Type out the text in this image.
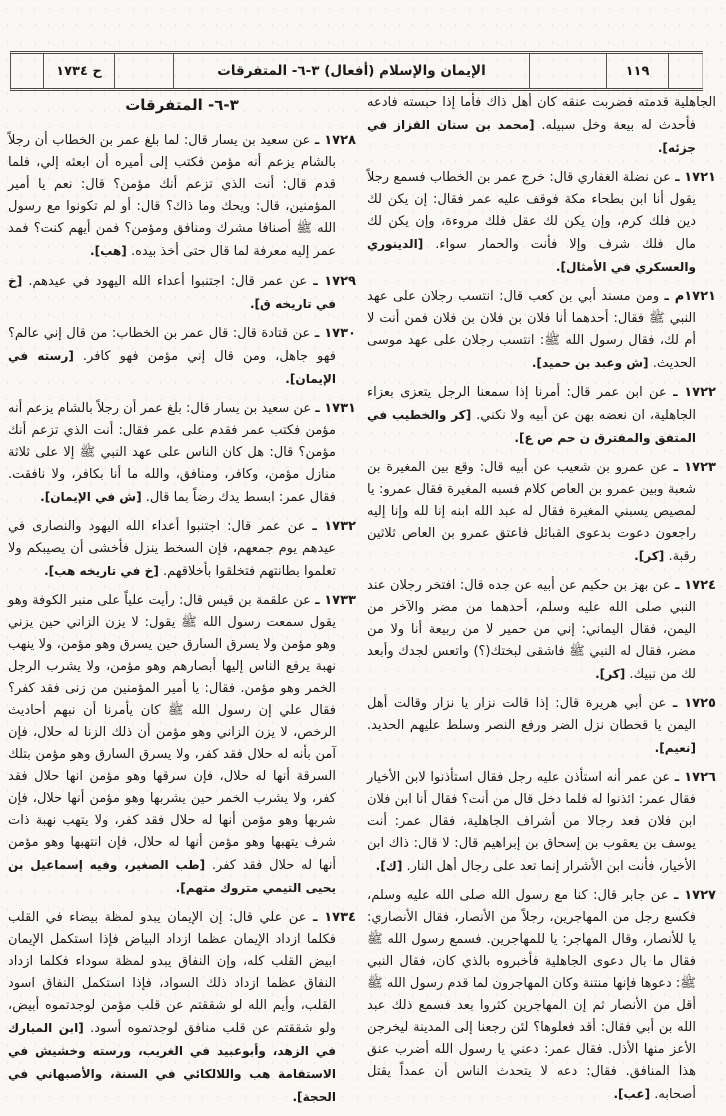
ح ١٧٣٤	الإيمان والإسلام (أفعال) ٣-٦- المتفرقات	١١٩

الجاهلية قدمته فضربت عنقه كان أهل ذاك فأما إذا حبسته فادعه فأحدث له بيعة وخل سبيله. [محمد بن سنان القزاز في جزئه].

١٧٢١ ـ عن نضلة الغفاري قال: خرج عمر بن الخطاب فسمع رجلاً يقول أنا ابن بطحاء مكة فوقف عليه عمر فقال: إن يكن لك دين فلك كرم، وإن يكن لك عقل فلك مروءة، وإن يكن لك مال فلك شرف وإلا فأنت والحمار سواء. [الدينوري والعسكري في الأمثال].

١٧٢١م ـ ومن مسند أبي بن كعب قال: انتسب رجلان على عهد النبي ﷺ فقال: أحدهما أنا فلان بن فلان بن فلان فمن أنت لا أم لك، فقال رسول الله ﷺ: انتسب رجلان على عهد موسى الحديث. [ش وعبد بن حميد].

١٧٢٢ ـ عن ابن عمر قال: أمرنا إذا سمعنا الرجل يتعزى بعزاء الجاهلية، ان نعضه بهن عن أبيه ولا نكني. [كر والخطيب في المتفق والمفترق ن حم ص ع].

١٧٢٣ ـ عن عمرو بن شعيب عن أبيه قال: وقع بين المغيرة بن شعبة وبين عمرو بن العاص كلام فسبه المغيرة فقال عمرو: يا لمصيص يسبني المغيرة فقال له عبد الله ابنه إنا لله وإنا إليه راجعون دعوت بدعوى القبائل فاعتق عمرو بن العاص ثلاثين رقبة. [كر].

١٧٢٤ ـ عن بهز بن حكيم عن أبيه عن جده قال: افتخر رجلان عند النبي صلى الله عليه وسلم، أحدهما من مضر والآخر من اليمن، فقال اليماني: إني من حمير لا من ربيعة أنا ولا من مضر، فقال له النبي ﷺ فاشقى لبختك(؟) واتعس لجدك وأبعد لك من نبيك. [كر].

١٧٢٥ ـ عن أبي هريرة قال: إذا قالت نزار يا نزار وقالت أهل اليمن يا قحطان نزل الضر ورفع النصر وسلط عليهم الحديد. [نعيم].

١٧٢٦ ـ عن عمر أنه استأذن عليه رجل فقال استأذنوا لابن الأخيار فقال عمر: ائذنوا له فلما دخل قال من أنت؟ فقال أنا ابن فلان ابن فلان فعد رجالا من أشراف الجاهلية، فقال عمر: أنت يوسف بن يعقوب بن إسحاق بن إبراهيم قال: لا قال: ذاك ابن الأخيار، فأنت ابن الأشرار إنما تعد على رجال أهل النار. [ك].

١٧٢٧ ـ عن جابر قال: كنا مع رسول الله صلى الله عليه وسلم، فكسع رجل من المهاجرين، رجلاً من الأنصار، فقال الأنصاري: يا للأنصار، وقال المهاجر: يا للمهاجرين. فسمع رسول الله ﷺ فقال ما بال دعوى الجاهلية فأخبروه بالذي كان، فقال النبي ﷺ: دعوها فإنها منتنة وكان المهاجرون لما قدم رسول الله ﷺ أقل من الأنصار ثم إن المهاجرين كثروا بعد فسمع ذلك عبد الله بن أبي فقال: أقد فعلوها؟ لئن رجعنا إلى المدينة ليخرجن الأعز منها الأذل. فقال عمر: دعني يا رسول الله أضرب عنق هذا المنافق. فقال: دعه لا يتحدث الناس أن عمداً يقتل أصحابه. [عب].

٣-٦- المتفرقات

١٧٢٨ ـ عن سعيد بن يسار قال: لما بلغ عمر بن الخطاب أن رجلاً بالشام يزعم أنه مؤمن فكتب إلى أميره أن ابعثه إلي، فلما قدم قال: أنت الذي تزعم أنك مؤمن؟ قال: نعم يا أمير المؤمنين، قال: ويحك وما ذاك؟ قال: أو لم تكونوا مع رسول الله ﷺ أصنافا مشرك ومنافق ومؤمن؟ فمن أيهم كنت؟ فمد عمر إليه معرفة لما قال حتى أخذ بيده. [هب].

١٧٢٩ ـ عن عمر قال: اجتنبوا أعداء الله اليهود في عيدهم. [خ في تاريخه ق].

١٧٣٠ ـ عن قتادة قال: قال عمر بن الخطاب: من قال إني عالم؟ فهو جاهل، ومن قال إني مؤمن فهو كافر. [رسته في الإيمان].

١٧٣١ ـ عن سعيد بن يسار قال: بلغ عمر أن رجلاً بالشام يزعم أنه مؤمن فكتب عمر فقدم على عمر فقال: أنت الذي تزعم أنك مؤمن؟ قال: هل كان الناس على عهد النبي ﷺ إلا على ثلاثة منازل مؤمن، وكافر، ومنافق، والله ما أنا بكافر، ولا نافقت. فقال عمر: ابسط يدك رضاً بما قال. [ش في الإيمان].

١٧٣٢ ـ عن عمر قال: اجتنبوا أعداء الله اليهود والنصارى في عيدهم يوم جمعهم، فإن السخط ينزل فأخشى أن يصيبكم ولا تعلموا بطانتهم فتخلقوا بأخلاقهم. [خ في تاريخه هب].

١٧٣٣ ـ عن علقمة بن قيس قال: رأيت علياً على منبر الكوفة وهو يقول سمعت رسول الله ﷺ يقول: لا يزن الزاني حين يزني وهو مؤمن ولا يسرق السارق حين يسرق وهو مؤمن، ولا ينهب نهبة يرفع الناس إليها أبصارهم وهو مؤمن، ولا يشرب الرجل الخمر وهو مؤمن. فقال: يا أمير المؤمنين من زنى فقد كفر؟ فقال علي إن رسول الله ﷺ كان يأمرنا أن نبهم أحاديث الرخص، لا يزن الزاني وهو مؤمن أن ذلك الزنا له حلال، فإن آمن بأنه له حلال فقد كفر، ولا يسرق السارق وهو مؤمن بتلك السرقة أنها له حلال، فإن سرقها وهو مؤمن انها حلال فقد كفر، ولا يشرب الخمر حين يشربها وهو مؤمن أنها حلال، فإن شربها وهو مؤمن أنها له حلال فقد كفر، ولا يتهب نهبة ذات شرف يتهبها وهو مؤمن أنها له حلال، فإن انتهبها وهو مؤمن أنها له حلال فقد كفر. [طب الصغير، وفيه إسماعيل بن يحيى التيمي متروك متهم].

١٧٣٤ ـ عن علي قال: إن الإيمان يبدو لمظة بيضاء في القلب فكلما ازداد الإيمان عظما ازداد البياض فإذا استكمل الإيمان ابيض القلب كله، وإن النفاق يبدو لمظة سوداء فكلما ازداد النفاق عظما ازداد ذلك السواد، فإذا استكمل النفاق اسود القلب، وأيم الله لو شققتم عن قلب مؤمن لوجدتموه أبيض، ولو شققتم عن قلب منافق لوجدتموه أسود. [ابن المبارك في الزهد، وأبوعبيد في الغريب، ورسته وخشيش في الاستقامة هب واللالكائي في السنة، والأصبهاني في الحجة].
